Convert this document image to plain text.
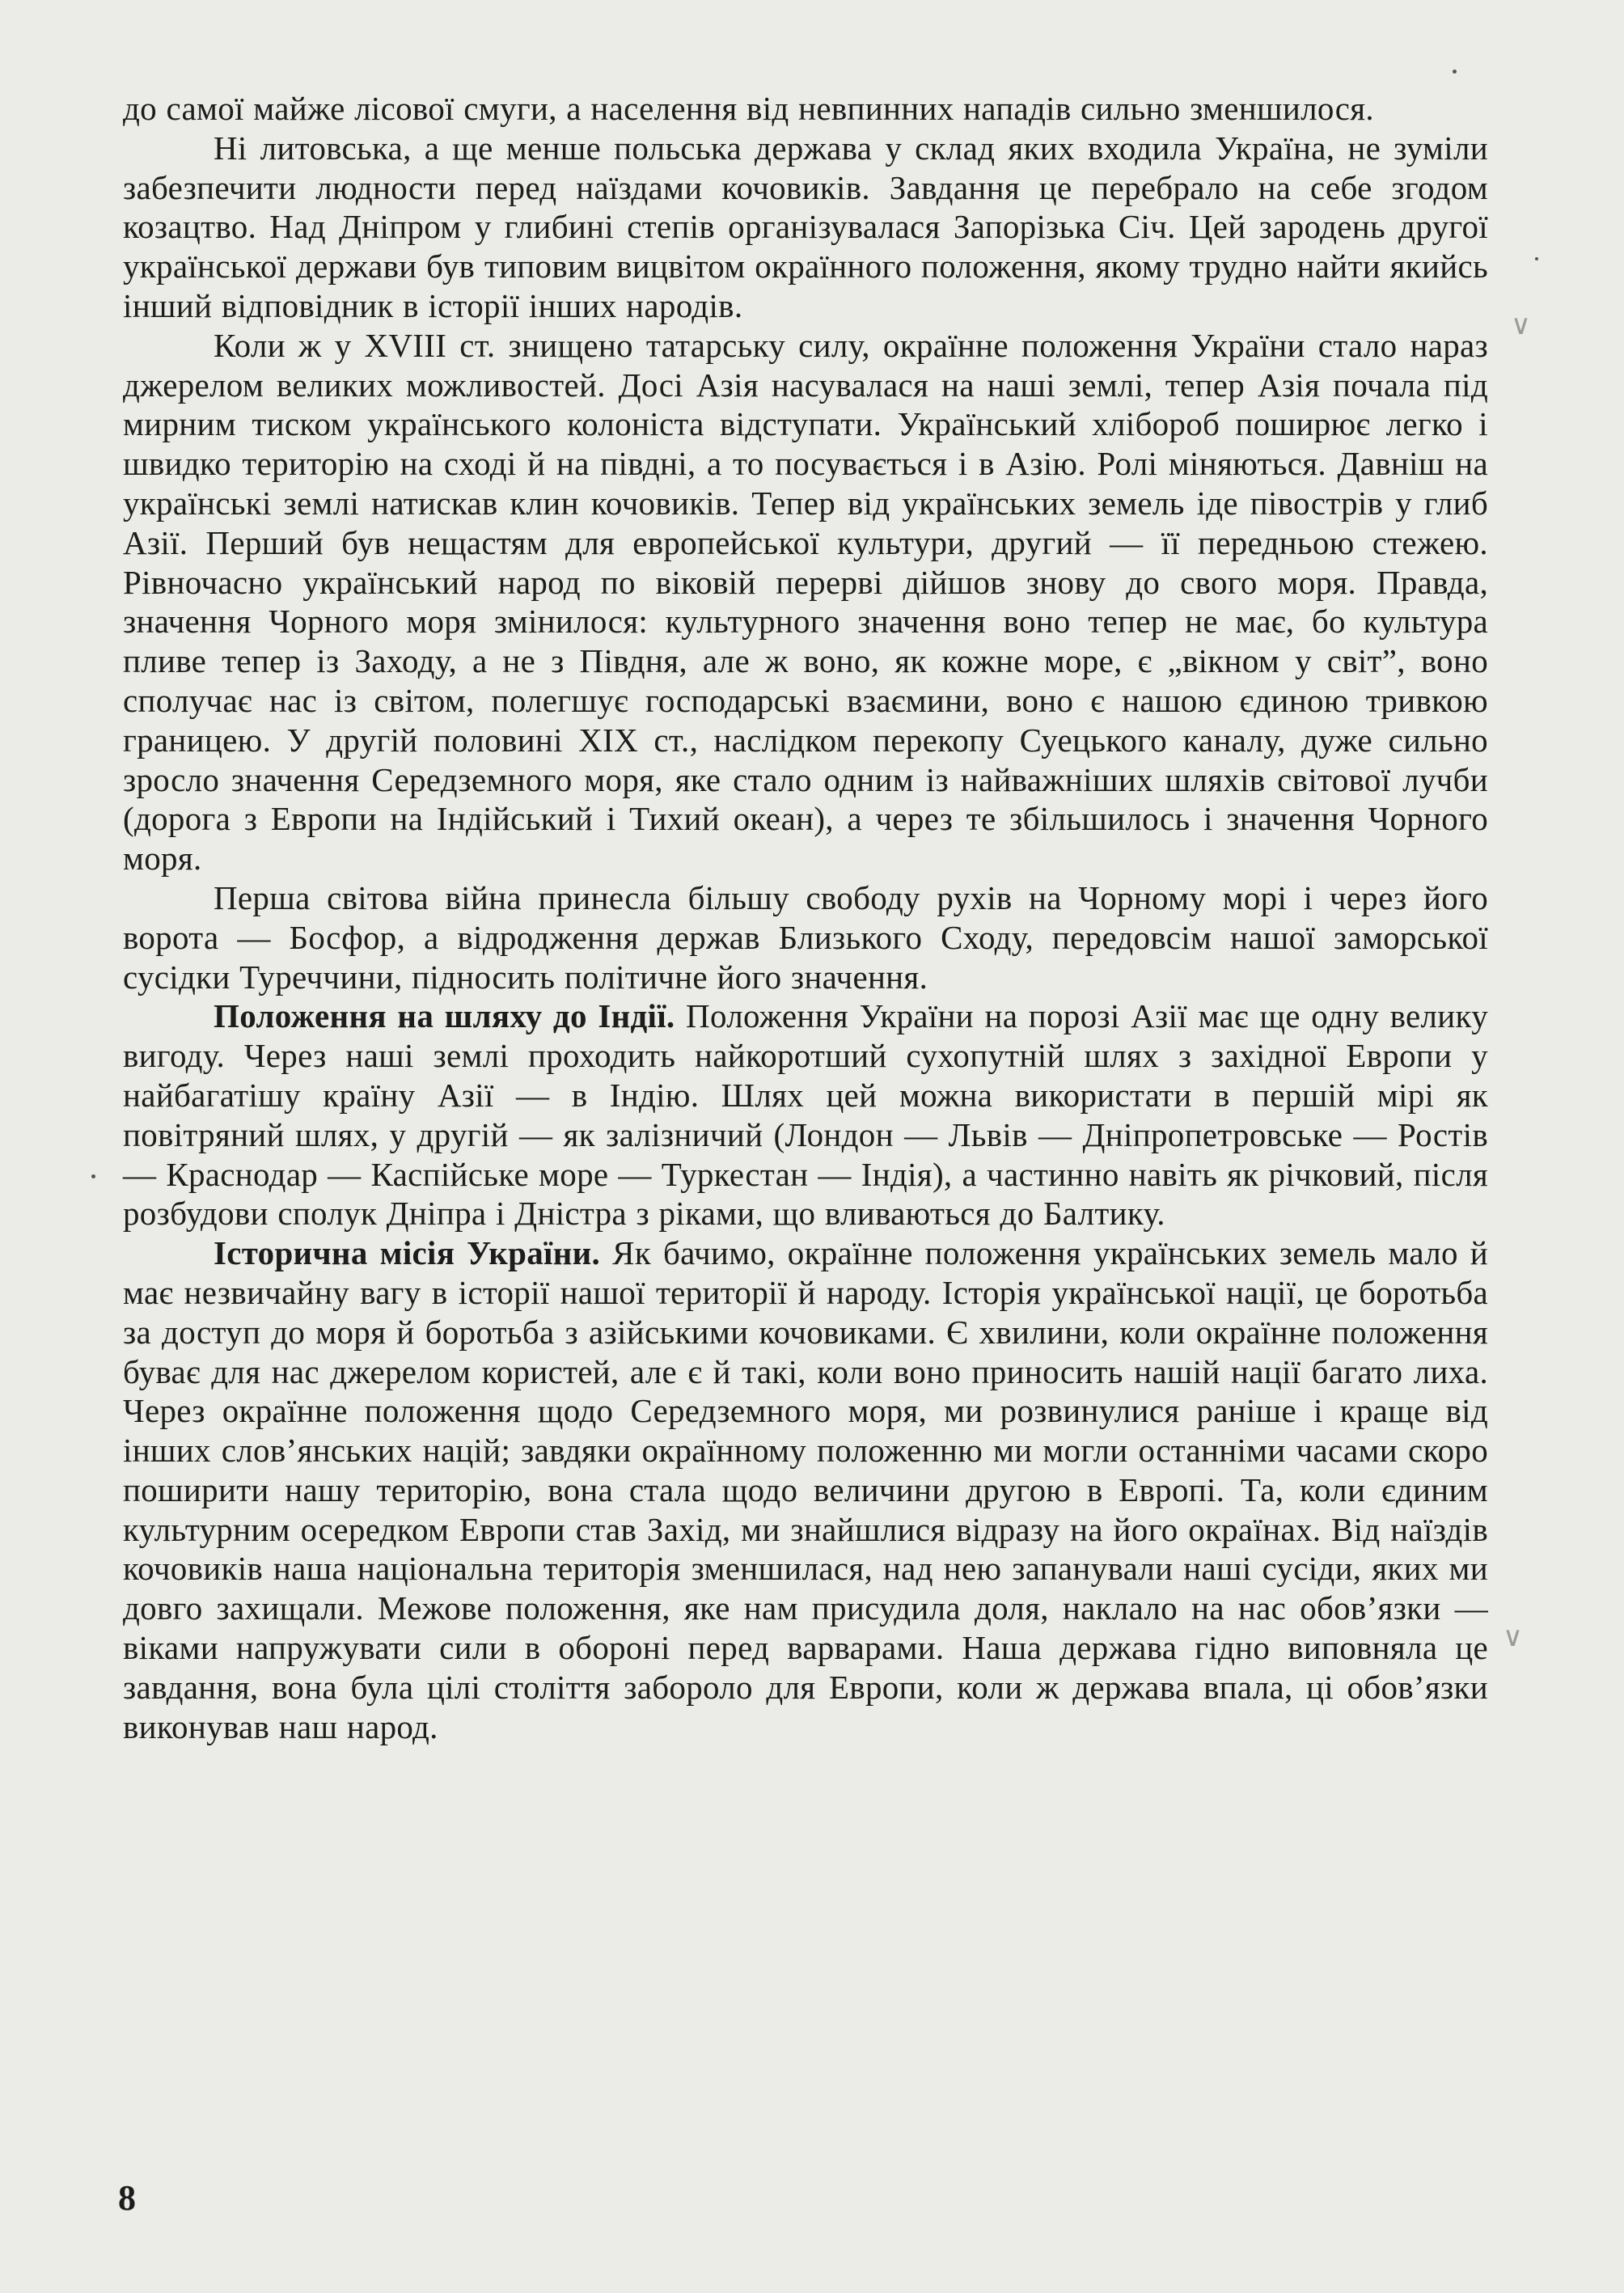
до самої майже лісової смуги, а населення від невпинних нападів сильно зменшилося.

Ні литовська, а ще менше польська держава у склад яких входила Україна, не зуміли забезпечити людности перед наїздами кочовиків. Завдання це перебрало на себе згодом козацтво. Над Дніпром у глибині степів організувалася Запорізька Січ. Цей зародень другої української держави був типовим вицвітом окраїнного положення, якому трудно найти якийсь інший відповідник в історії інших народів.

Коли ж у XVIII ст. знищено татарську силу, окраїнне положення України стало нараз джерелом великих можливостей. Досі Азія насувалася на наші землі, тепер Азія почала під мирним тиском українського колоніста відступати. Український хлібороб поширює легко і швидко територію на сході й на півдні, а то посувається і в Азію. Ролі міняються. Давніш на українські землі натискав клин кочовиків. Тепер від українських земель іде півострів у глиб Азії. Перший був нещастям для европейської культури, другий — її передньою стежею. Рівночасно український народ по віковій перерві дійшов знову до свого моря. Правда, значення Чорного моря змінилося: культурного значення воно тепер не має, бо культура пливе тепер із Заходу, а не з Півдня, але ж воно, як кожне море, є „вікном у світ”, воно сполучає нас із світом, полегшує господарські взаємини, воно є нашою єдиною тривкою границею. У другій половині XIX ст., наслідком перекопу Суецького каналу, дуже сильно зросло значення Середземного моря, яке стало одним із найважніших шляхів світової лучби (дорога з Европи на Індійський і Тихий океан), а через те збільшилось і значення Чорного моря.

Перша світова війна принесла більшу свободу рухів на Чорному морі і через його ворота — Босфор, а відродження держав Близького Сходу, передовсім нашої заморської сусідки Туреччини, підносить політичне його значення.

Положення на шляху до Індії. Положення України на порозі Азії має ще одну велику вигоду. Через наші землі проходить найкоротший сухопутній шлях з західної Европи у найбагатішу країну Азії — в Індію. Шлях цей можна використати в першій мірі як повітряний шлях, у другій — як залізничий (Лондон — Львів — Дніпропетровське — Ростів — Краснодар — Каспійське море — Туркестан — Індія), а частинно навіть як річковий, після розбудови сполук Дніпра і Дністра з ріками, що вливаються до Балтику.

Історична місія України. Як бачимо, окраїнне положення українських земель мало й має незвичайну вагу в історії нашої території й народу. Історія української нації, це боротьба за доступ до моря й боротьба з азійськими кочовиками. Є хвилини, коли окраїнне положення буває для нас джерелом користей, але є й такі, коли воно приносить нашій нації багато лиха. Через окраїнне положення щодо Середземного моря, ми розвинулися раніше і краще від інших слов’янських націй; завдяки окраїнному положенню ми могли останніми часами скоро поширити нашу територію, вона стала щодо величини другою в Европі. Та, коли єдиним культурним осередком Европи став Захід, ми знайшлися відразу на його окраїнах. Від наїздів кочовиків наша національна територія зменшилася, над нею запанували наші сусіди, яких ми довго захищали. Межове положення, яке нам присудила доля, наклало на нас обов’язки — віками напружувати сили в обороні перед варварами. Наша держава гідно виповняла це завдання, вона була цілі століття забороло для Европи, коли ж держава впала, ці обов’язки виконував наш народ.

8
∨
∨
